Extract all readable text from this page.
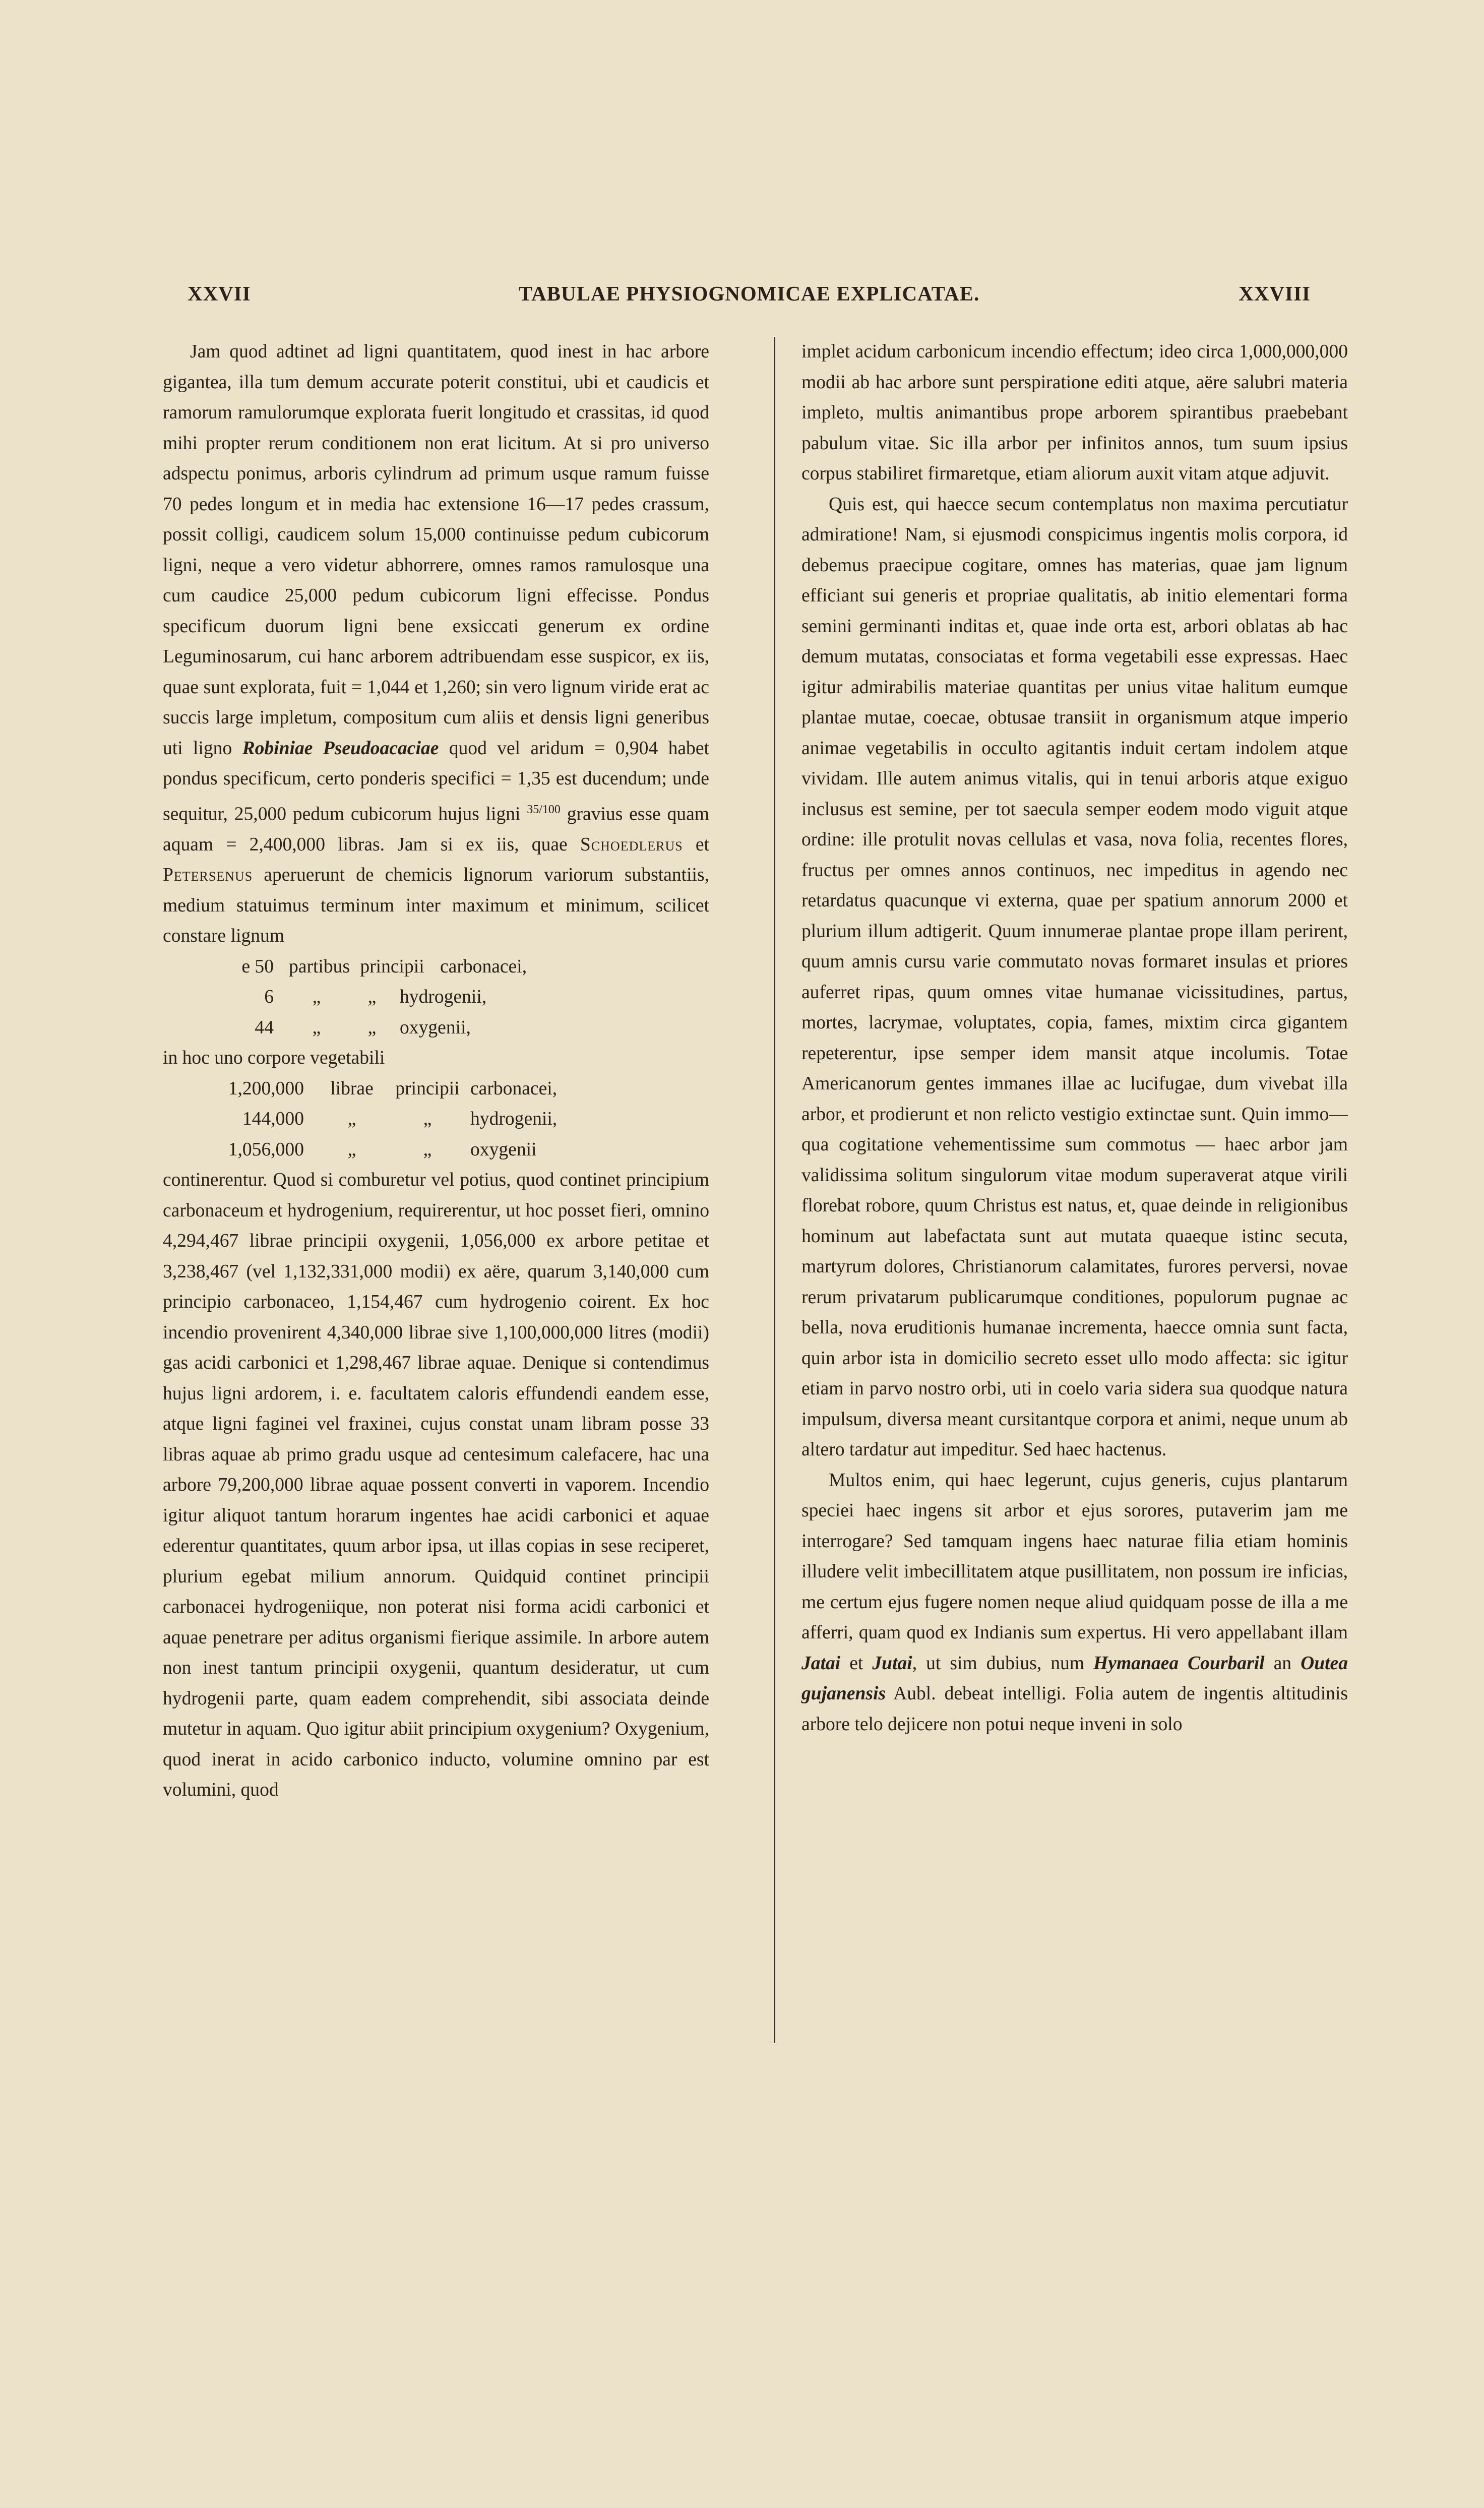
XXVII	TABULAE PHYSIOGNOMICAE EXPLICATAE.	XXVIII

Jam quod adtinet ad ligni quantitatem, quod inest in hac arbore gigantea, illa tum demum accurate poterit constitui, ubi et caudicis et ramorum ramulorumque explorata fuerit longitudo et crassitas, id quod mihi propter rerum conditionem non erat licitum. At si pro universo adspectu ponimus, arboris cylindrum ad primum usque ramum fuisse 70 pedes longum et in media hac extensione 16—17 pedes crassum, possit colligi, caudicem solum 15,000 continuisse pedum cubicorum ligni, neque a vero videtur abhorrere, omnes ramos ramulosque una cum caudice 25,000 pedum cubicorum ligni effecisse. Pondus specificum duorum ligni bene exsiccati generum ex ordine Leguminosarum, cui hanc arborem adtribuendam esse suspicor, ex iis, quae sunt explorata, fuit = 1,044 et 1,260; sin vero lignum viride erat ac succis large impletum, compositum cum aliis et densis ligni generibus uti ligno Robiniae Pseudoacaciae quod vel aridum = 0,904 habet pondus specificum, certo ponderis specifici = 1,35 est ducendum; unde sequitur, 25,000 pedum cubicorum hujus ligni $^{35/100}$ gravius esse quam aquam = 2,400,000 libras. Jam si ex iis, quae Schoedlerus et Petersenus aperuerunt de chemicis lignorum variorum substantiis, medium statuimus terminum inter maximum et minimum, scilicet constare lignum

e 50 partibus principii carbonacei,
6	„	„	hydrogenii,
44	„	„	oxygenii,

in hoc uno corpore vegetabili

1,200,000	librae	principii carbonacei,
144,000	„	„	hydrogenii,
1,056,000	„	„	oxygenii

continerentur. Quod si comburetur vel potius, quod continet principium carbonaceum et hydrogenium, requirerentur, ut hoc posset fieri, omnino 4,294,467 librae principii oxygenii, 1,056,000 ex arbore petitae et 3,238,467 (vel 1,132,331,000 modii) ex aëre, quarum 3,140,000 cum principio carbonaceo, 1,154,467 cum hydrogenio coirent. Ex hoc incendio provenirent 4,340,000 librae sive 1,100,000,000 litres (modii) gas acidi carbonici et 1,298,467 librae aquae. Denique si contendimus hujus ligni ardorem, i. e. facultatem caloris effundendi eandem esse, atque ligni faginei vel fraxinei, cujus constat unam libram posse 33 libras aquae ab primo gradu usque ad centesimum calefacere, hac una arbore 79,200,000 librae aquae possent converti in vaporem. Incendio igitur aliquot tantum horarum ingentes hae acidi carbonici et aquae ederentur quantitates, quum arbor ipsa, ut illas copias in sese reciperet, plurium egebat milium annorum. Quidquid continet principii carbonacei hydrogeniique, non poterat nisi forma acidi carbonici et aquae penetrare per aditus organismi fierique assimile. In arbore autem non inest tantum principii oxygenii, quantum desideratur, ut cum hydrogenii parte, quam eadem comprehendit, sibi associata deinde mutetur in aquam. Quo igitur abiit principium oxygenium? Oxygenium, quod inerat in acido carbonico inducto, volumine omnino par est volumini, quod

implet acidum carbonicum incendio effectum; ideo circa 1,000,000,000 modii ab hac arbore sunt perspiratione editi atque, aëre salubri materia impleto, multis animantibus prope arborem spirantibus praebebant pabulum vitae. Sic illa arbor per infinitos annos, tum suum ipsius corpus stabiliret firmaretque, etiam aliorum auxit vitam atque adjuvit.

Quis est, qui haecce secum contemplatus non maxima percutiatur admiratione! Nam, si ejusmodi conspicimus ingentis molis corpora, id debemus praecipue cogitare, omnes has materias, quae jam lignum efficiant sui generis et propriae qualitatis, ab initio elementari forma semini germinanti inditas et, quae inde orta est, arbori oblatas ab hac demum mutatas, consociatas et forma vegetabili esse expressas. Haec igitur admirabilis materiae quantitas per unius vitae halitum eumque plantae mutae, coecae, obtusae transiit in organismum atque imperio animae vegetabilis in occulto agitantis induit certam indolem atque vividam. Ille autem animus vitalis, qui in tenui arboris atque exiguo inclusus est semine, per tot saecula semper eodem modo viguit atque ordine: ille protulit novas cellulas et vasa, nova folia, recentes flores, fructus per omnes annos continuos, nec impeditus in agendo nec retardatus quacunque vi externa, quae per spatium annorum 2000 et plurium illum adtigerit. Quum innumerae plantae prope illam perirent, quum amnis cursu varie commutato novas formaret insulas et priores auferret ripas, quum omnes vitae humanae vicissitudines, partus, mortes, lacrymae, voluptates, copia, fames, mixtim circa gigantem repeterentur, ipse semper idem mansit atque incolumis. Totae Americanorum gentes immanes illae ac lucifugae, dum vivebat illa arbor, et prodierunt et non relicto vestigio extinctae sunt. Quin immo—qua cogitatione vehementissime sum commotus — haec arbor jam validissima solitum singulorum vitae modum superaverat atque virili florebat robore, quum Christus est natus, et, quae deinde in religionibus hominum aut labefactata sunt aut mutata quaeque istinc secuta, martyrum dolores, Christianorum calamitates, furores perversi, novae rerum privatarum publicarumque conditiones, populorum pugnae ac bella, nova eruditionis humanae incrementa, haecce omnia sunt facta, quin arbor ista in domicilio secreto esset ullo modo affecta: sic igitur etiam in parvo nostro orbi, uti in coelo varia sidera sua quodque natura impulsum, diversa meant cursitantque corpora et animi, neque unum ab altero tardatur aut impeditur. Sed haec hactenus.

Multos enim, qui haec legerunt, cujus generis, cujus plantarum speciei haec ingens sit arbor et ejus sorores, putaverim jam me interrogare? Sed tamquam ingens haec naturae filia etiam hominis illudere velit imbecillitatem atque pusillitatem, non possum ire inficias, me certum ejus fugere nomen neque aliud quidquam posse de illa a me afferri, quam quod ex Indianis sum expertus. Hi vero appellabant illam Jatai et Jutai, ut sim dubius, num Hymanaea Courbaril an Outea gujanensis Aubl. debeat intelligi. Folia autem de ingentis altitudinis arbore telo dejicere non potui neque inveni in solo
